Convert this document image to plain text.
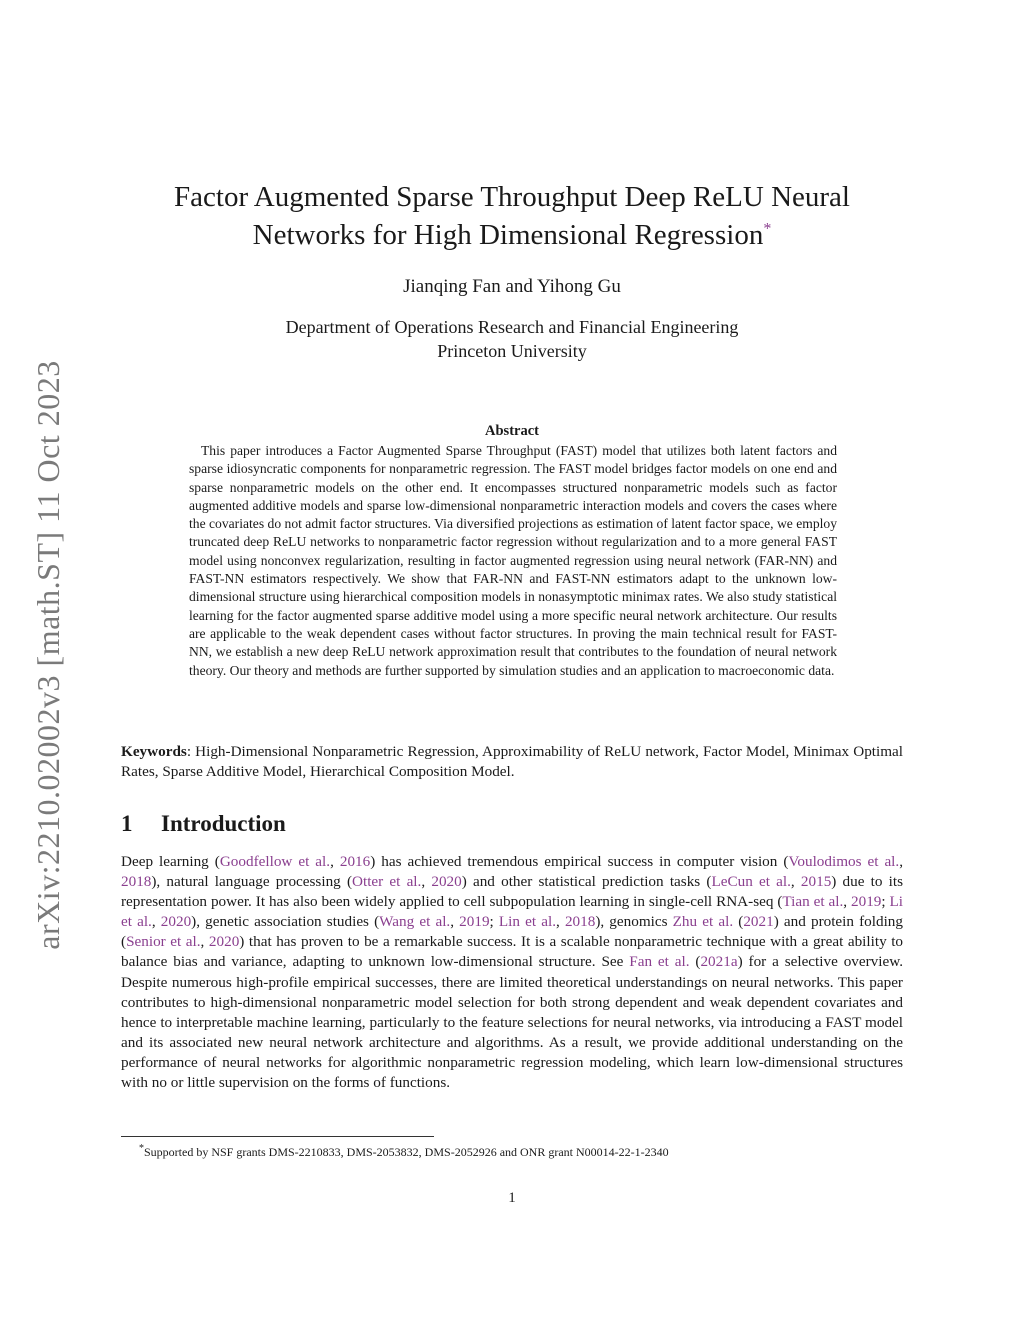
arXiv:2210.02002v3 [math.ST] 11 Oct 2023
Factor Augmented Sparse Throughput Deep ReLU Neural
Networks for High Dimensional Regression*
Jianqing Fan and Yihong Gu
Department of Operations Research and Financial Engineering
Princeton University
Abstract
This paper introduces a Factor Augmented Sparse Throughput (FAST) model that utilizes both latent factors and sparse idiosyncratic components for nonparametric regression. The FAST model bridges factor models on one end and sparse nonparametric models on the other end. It encompasses structured nonparametric models such as factor augmented additive models and sparse low-dimensional nonparametric interaction models and covers the cases where the covariates do not admit factor structures. Via diversified projections as estimation of latent factor space, we employ truncated deep ReLU networks to nonparametric factor regression without regularization and to a more general FAST model using nonconvex regularization, resulting in factor augmented regression using neural network (FAR-NN) and FAST-NN estimators respectively. We show that FAR-NN and FAST-NN estimators adapt to the unknown low-dimensional structure using hierarchical composition models in nonasymptotic minimax rates. We also study statistical learning for the factor augmented sparse additive model using a more specific neural network architecture. Our results are applicable to the weak dependent cases without factor structures. In proving the main technical result for FAST-NN, we establish a new deep ReLU network approximation result that contributes to the foundation of neural network theory. Our theory and methods are further supported by simulation studies and an application to macroeconomic data.
Keywords: High-Dimensional Nonparametric Regression, Approximability of ReLU network, Factor Model, Minimax Optimal Rates, Sparse Additive Model, Hierarchical Composition Model.
1 Introduction
Deep learning (Goodfellow et al., 2016) has achieved tremendous empirical success in computer vision (Voulodimos et al., 2018), natural language processing (Otter et al., 2020) and other statistical prediction tasks (LeCun et al., 2015) due to its representation power. It has also been widely applied to cell subpopulation learning in single-cell RNA-seq (Tian et al., 2019; Li et al., 2020), genetic association studies (Wang et al., 2019; Lin et al., 2018), genomics Zhu et al. (2021) and protein folding (Senior et al., 2020) that has proven to be a remarkable success. It is a scalable nonparametric technique with a great ability to balance bias and variance, adapting to unknown low-dimensional structure. See Fan et al. (2021a) for a selective overview. Despite numerous high-profile empirical successes, there are limited theoretical understandings on neural networks. This paper contributes to high-dimensional nonparametric model selection for both strong dependent and weak dependent covariates and hence to interpretable machine learning, particularly to the feature selections for neural networks, via introducing a FAST model and its associated new neural network architecture and algorithms. As a result, we provide additional understanding on the performance of neural networks for algorithmic nonparametric regression modeling, which learn low-dimensional structures with no or little supervision on the forms of functions.
*Supported by NSF grants DMS-2210833, DMS-2053832, DMS-2052926 and ONR grant N00014-22-1-2340
1
